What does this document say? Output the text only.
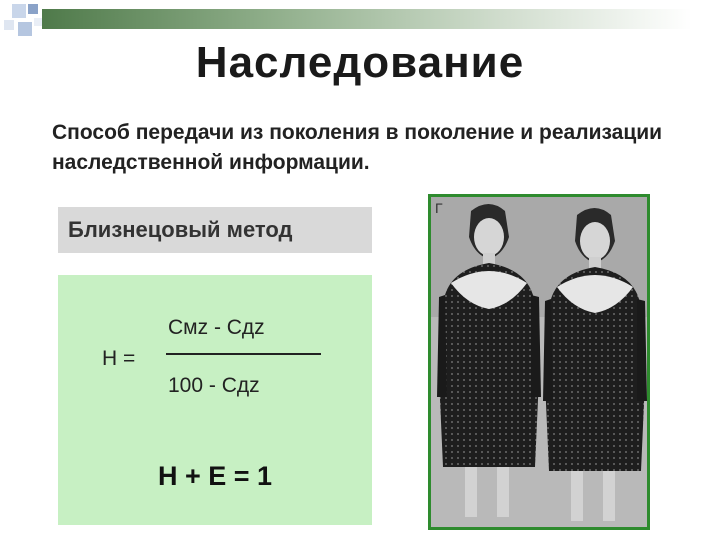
Наследование
Способ передачи из поколения в поколение и реализации наследственной информации.
Близнецовый метод
H =
Cмz - Cдz
100 - Cдz
H + E = 1
Г
